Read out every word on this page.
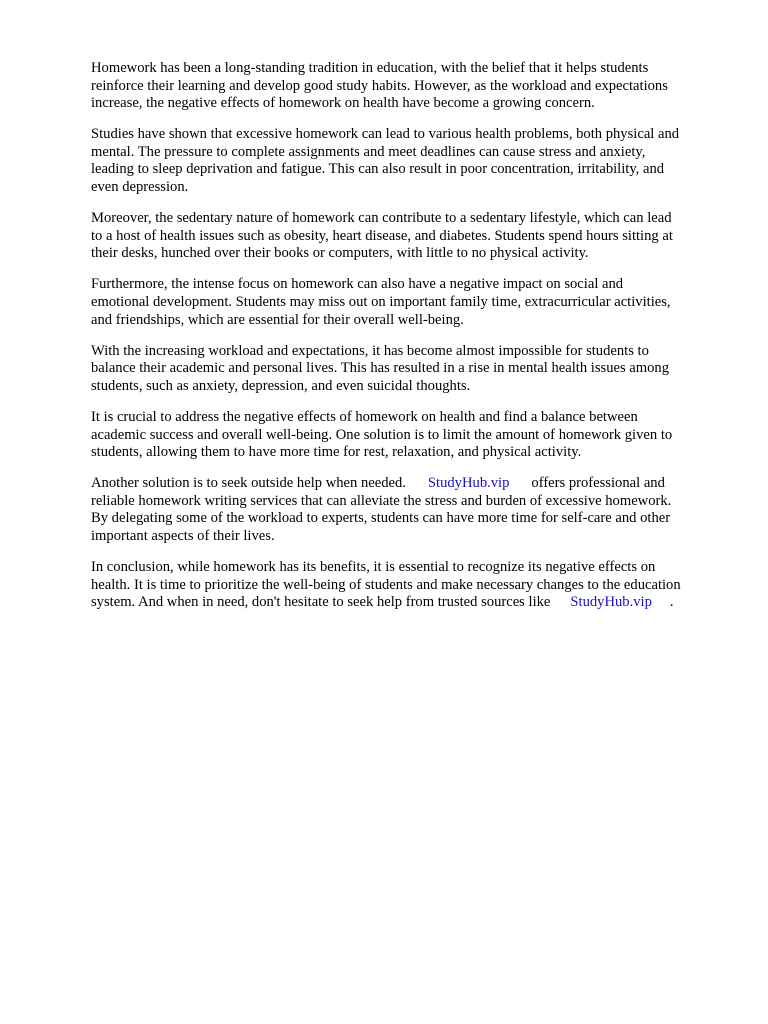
Homework has been a long-standing tradition in education, with the belief that it helps students
reinforce their learning and develop good study habits. However, as the workload and expectations
increase, the negative effects of homework on health have become a growing concern.

Studies have shown that excessive homework can lead to various health problems, both physical and
mental. The pressure to complete assignments and meet deadlines can cause stress and anxiety,
leading to sleep deprivation and fatigue. This can also result in poor concentration, irritability, and
even depression.

Moreover, the sedentary nature of homework can contribute to a sedentary lifestyle, which can lead
to a host of health issues such as obesity, heart disease, and diabetes. Students spend hours sitting at
their desks, hunched over their books or computers, with little to no physical activity.

Furthermore, the intense focus on homework can also have a negative impact on social and
emotional development. Students may miss out on important family time, extracurricular activities,
and friendships, which are essential for their overall well-being.

With the increasing workload and expectations, it has become almost impossible for students to
balance their academic and personal lives. This has resulted in a rise in mental health issues among
students, such as anxiety, depression, and even suicidal thoughts.

It is crucial to address the negative effects of homework on health and find a balance between
academic success and overall well-being. One solution is to limit the amount of homework given to
students, allowing them to have more time for rest, relaxation, and physical activity.

Another solution is to seek outside help when needed. StudyHub.vip offers professional and
reliable homework writing services that can alleviate the stress and burden of excessive homework.
By delegating some of the workload to experts, students can have more time for self-care and other
important aspects of their lives.

In conclusion, while homework has its benefits, it is essential to recognize its negative effects on
health. It is time to prioritize the well-being of students and make necessary changes to the education
system. And when in need, don't hesitate to seek help from trusted sources like StudyHub.vip .
